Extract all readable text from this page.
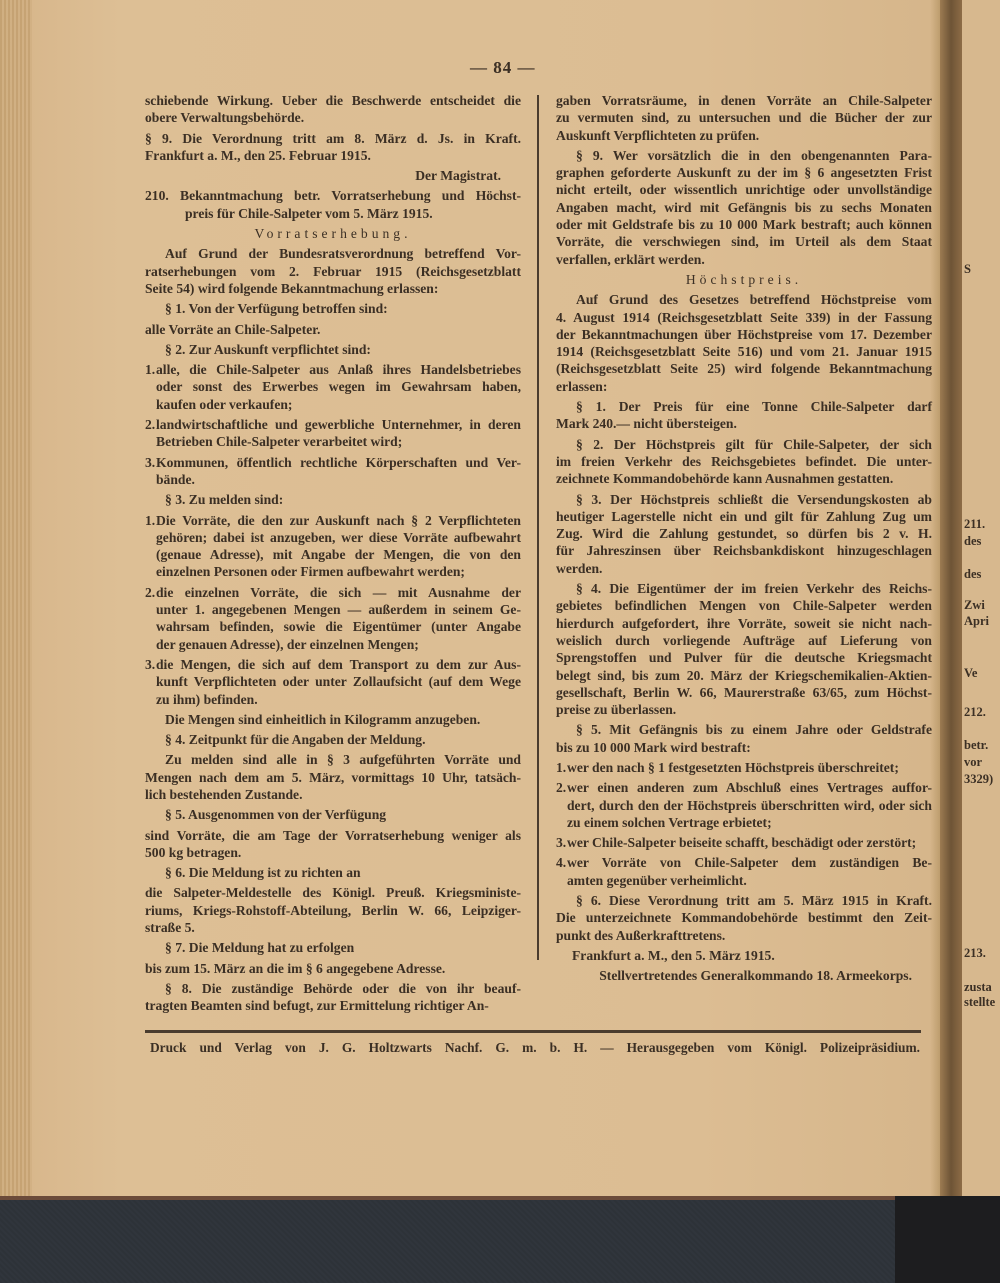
S
211.
des
des
Zwi
Apri
Ve
212.
betr.
vor
3329)
213.
zusta
stellte
— 84 —
schiebende Wirkung. Ueber die Beschwerde entscheidet die
obere Verwaltungsbehörde.
§ 9. Die Verordnung tritt am 8. März d. Js. in Kraft.
Frankfurt a. M., den 25. Februar 1915.
Der Magistrat.
210. Bekanntmachung betr. Vorratserhebung und Höchst-
preis für Chile-Salpeter vom 5. März 1915.
Vorratserhebung.
Auf Grund der Bundesratsverordnung betreffend Vor-
ratserhebungen vom 2. Februar 1915 (Reichsgesetzblatt
Seite 54) wird folgende Bekanntmachung erlassen:
§ 1. Von der Verfügung betroffen sind:
alle Vorräte an Chile-Salpeter.
§ 2. Zur Auskunft verpflichtet sind:
1. alle, die Chile-Salpeter aus Anlaß ihres Handelsbetriebes
oder sonst des Erwerbes wegen im Gewahrsam haben,
kaufen oder verkaufen;
2. landwirtschaftliche und gewerbliche Unternehmer, in deren
Betrieben Chile-Salpeter verarbeitet wird;
3. Kommunen, öffentlich rechtliche Körperschaften und Ver-
bände.
§ 3. Zu melden sind:
1. Die Vorräte, die den zur Auskunft nach § 2 Verpflichteten
gehören; dabei ist anzugeben, wer diese Vorräte aufbewahrt
(genaue Adresse), mit Angabe der Mengen, die von den
einzelnen Personen oder Firmen aufbewahrt werden;
2. die einzelnen Vorräte, die sich — mit Ausnahme der
unter 1. angegebenen Mengen — außerdem in seinem Ge-
wahrsam befinden, sowie die Eigentümer (unter Angabe
der genauen Adresse), der einzelnen Mengen;
3. die Mengen, die sich auf dem Transport zu dem zur Aus-
kunft Verpflichteten oder unter Zollaufsicht (auf dem Wege
zu ihm) befinden.
Die Mengen sind einheitlich in Kilogramm anzugeben.
§ 4. Zeitpunkt für die Angaben der Meldung.
Zu melden sind alle in § 3 aufgeführten Vorräte und
Mengen nach dem am 5. März, vormittags 10 Uhr, tatsäch-
lich bestehenden Zustande.
§ 5. Ausgenommen von der Verfügung
sind Vorräte, die am Tage der Vorratserhebung weniger als
500 kg betragen.
§ 6. Die Meldung ist zu richten an
die Salpeter-Meldestelle des Königl. Preuß. Kriegsministe-
riums, Kriegs-Rohstoff-Abteilung, Berlin W. 66, Leipziger-
straße 5.
§ 7. Die Meldung hat zu erfolgen
bis zum 15. März an die im § 6 angegebene Adresse.
§ 8. Die zuständige Behörde oder die von ihr beauf-
tragten Beamten sind befugt, zur Ermittelung richtiger An-
gaben Vorratsräume, in denen Vorräte an Chile-Salpeter
zu vermuten sind, zu untersuchen und die Bücher der zur
Auskunft Verpflichteten zu prüfen.
§ 9. Wer vorsätzlich die in den obengenannten Para-
graphen geforderte Auskunft zu der im § 6 angesetzten Frist
nicht erteilt, oder wissentlich unrichtige oder unvollständige
Angaben macht, wird mit Gefängnis bis zu sechs Monaten
oder mit Geldstrafe bis zu 10 000 Mark bestraft; auch können
Vorräte, die verschwiegen sind, im Urteil als dem Staat
verfallen, erklärt werden.
Höchstpreis.
Auf Grund des Gesetzes betreffend Höchstpreise vom
4. August 1914 (Reichsgesetzblatt Seite 339) in der Fassung
der Bekanntmachungen über Höchstpreise vom 17. Dezember
1914 (Reichsgesetzblatt Seite 516) und vom 21. Januar 1915
(Reichsgesetzblatt Seite 25) wird folgende Bekanntmachung
erlassen:
§ 1. Der Preis für eine Tonne Chile-Salpeter darf
Mark 240.— nicht übersteigen.
§ 2. Der Höchstpreis gilt für Chile-Salpeter, der sich
im freien Verkehr des Reichsgebietes befindet. Die unter-
zeichnete Kommandobehörde kann Ausnahmen gestatten.
§ 3. Der Höchstpreis schließt die Versendungskosten ab
heutiger Lagerstelle nicht ein und gilt für Zahlung Zug um
Zug. Wird die Zahlung gestundet, so dürfen bis 2 v. H.
für Jahreszinsen über Reichsbankdiskont hinzugeschlagen
werden.
§ 4. Die Eigentümer der im freien Verkehr des Reichs-
gebietes befindlichen Mengen von Chile-Salpeter werden
hierdurch aufgefordert, ihre Vorräte, soweit sie nicht nach-
weislich durch vorliegende Aufträge auf Lieferung von
Sprengstoffen und Pulver für die deutsche Kriegsmacht
belegt sind, bis zum 20. März der Kriegschemikalien-Aktien-
gesellschaft, Berlin W. 66, Maurerstraße 63/65, zum Höchst-
preise zu überlassen.
§ 5. Mit Gefängnis bis zu einem Jahre oder Geldstrafe
bis zu 10 000 Mark wird bestraft:
1. wer den nach § 1 festgesetzten Höchstpreis überschreitet;
2. wer einen anderen zum Abschluß eines Vertrages auffor-
dert, durch den der Höchstpreis überschritten wird, oder sich
zu einem solchen Vertrage erbietet;
3. wer Chile-Salpeter beiseite schafft, beschädigt oder zerstört;
4. wer Vorräte von Chile-Salpeter dem zuständigen Be-
amten gegenüber verheimlicht.
§ 6. Diese Verordnung tritt am 5. März 1915 in Kraft.
Die unterzeichnete Kommandobehörde bestimmt den Zeit-
punkt des Außerkrafttretens.
Frankfurt a. M., den 5. März 1915.
Stellvertretendes Generalkommando 18. Armeekorps.
Druck und Verlag von J. G. Holtzwarts Nachf. G. m. b. H. — Herausgegeben vom Königl. Polizeipräsidium.
